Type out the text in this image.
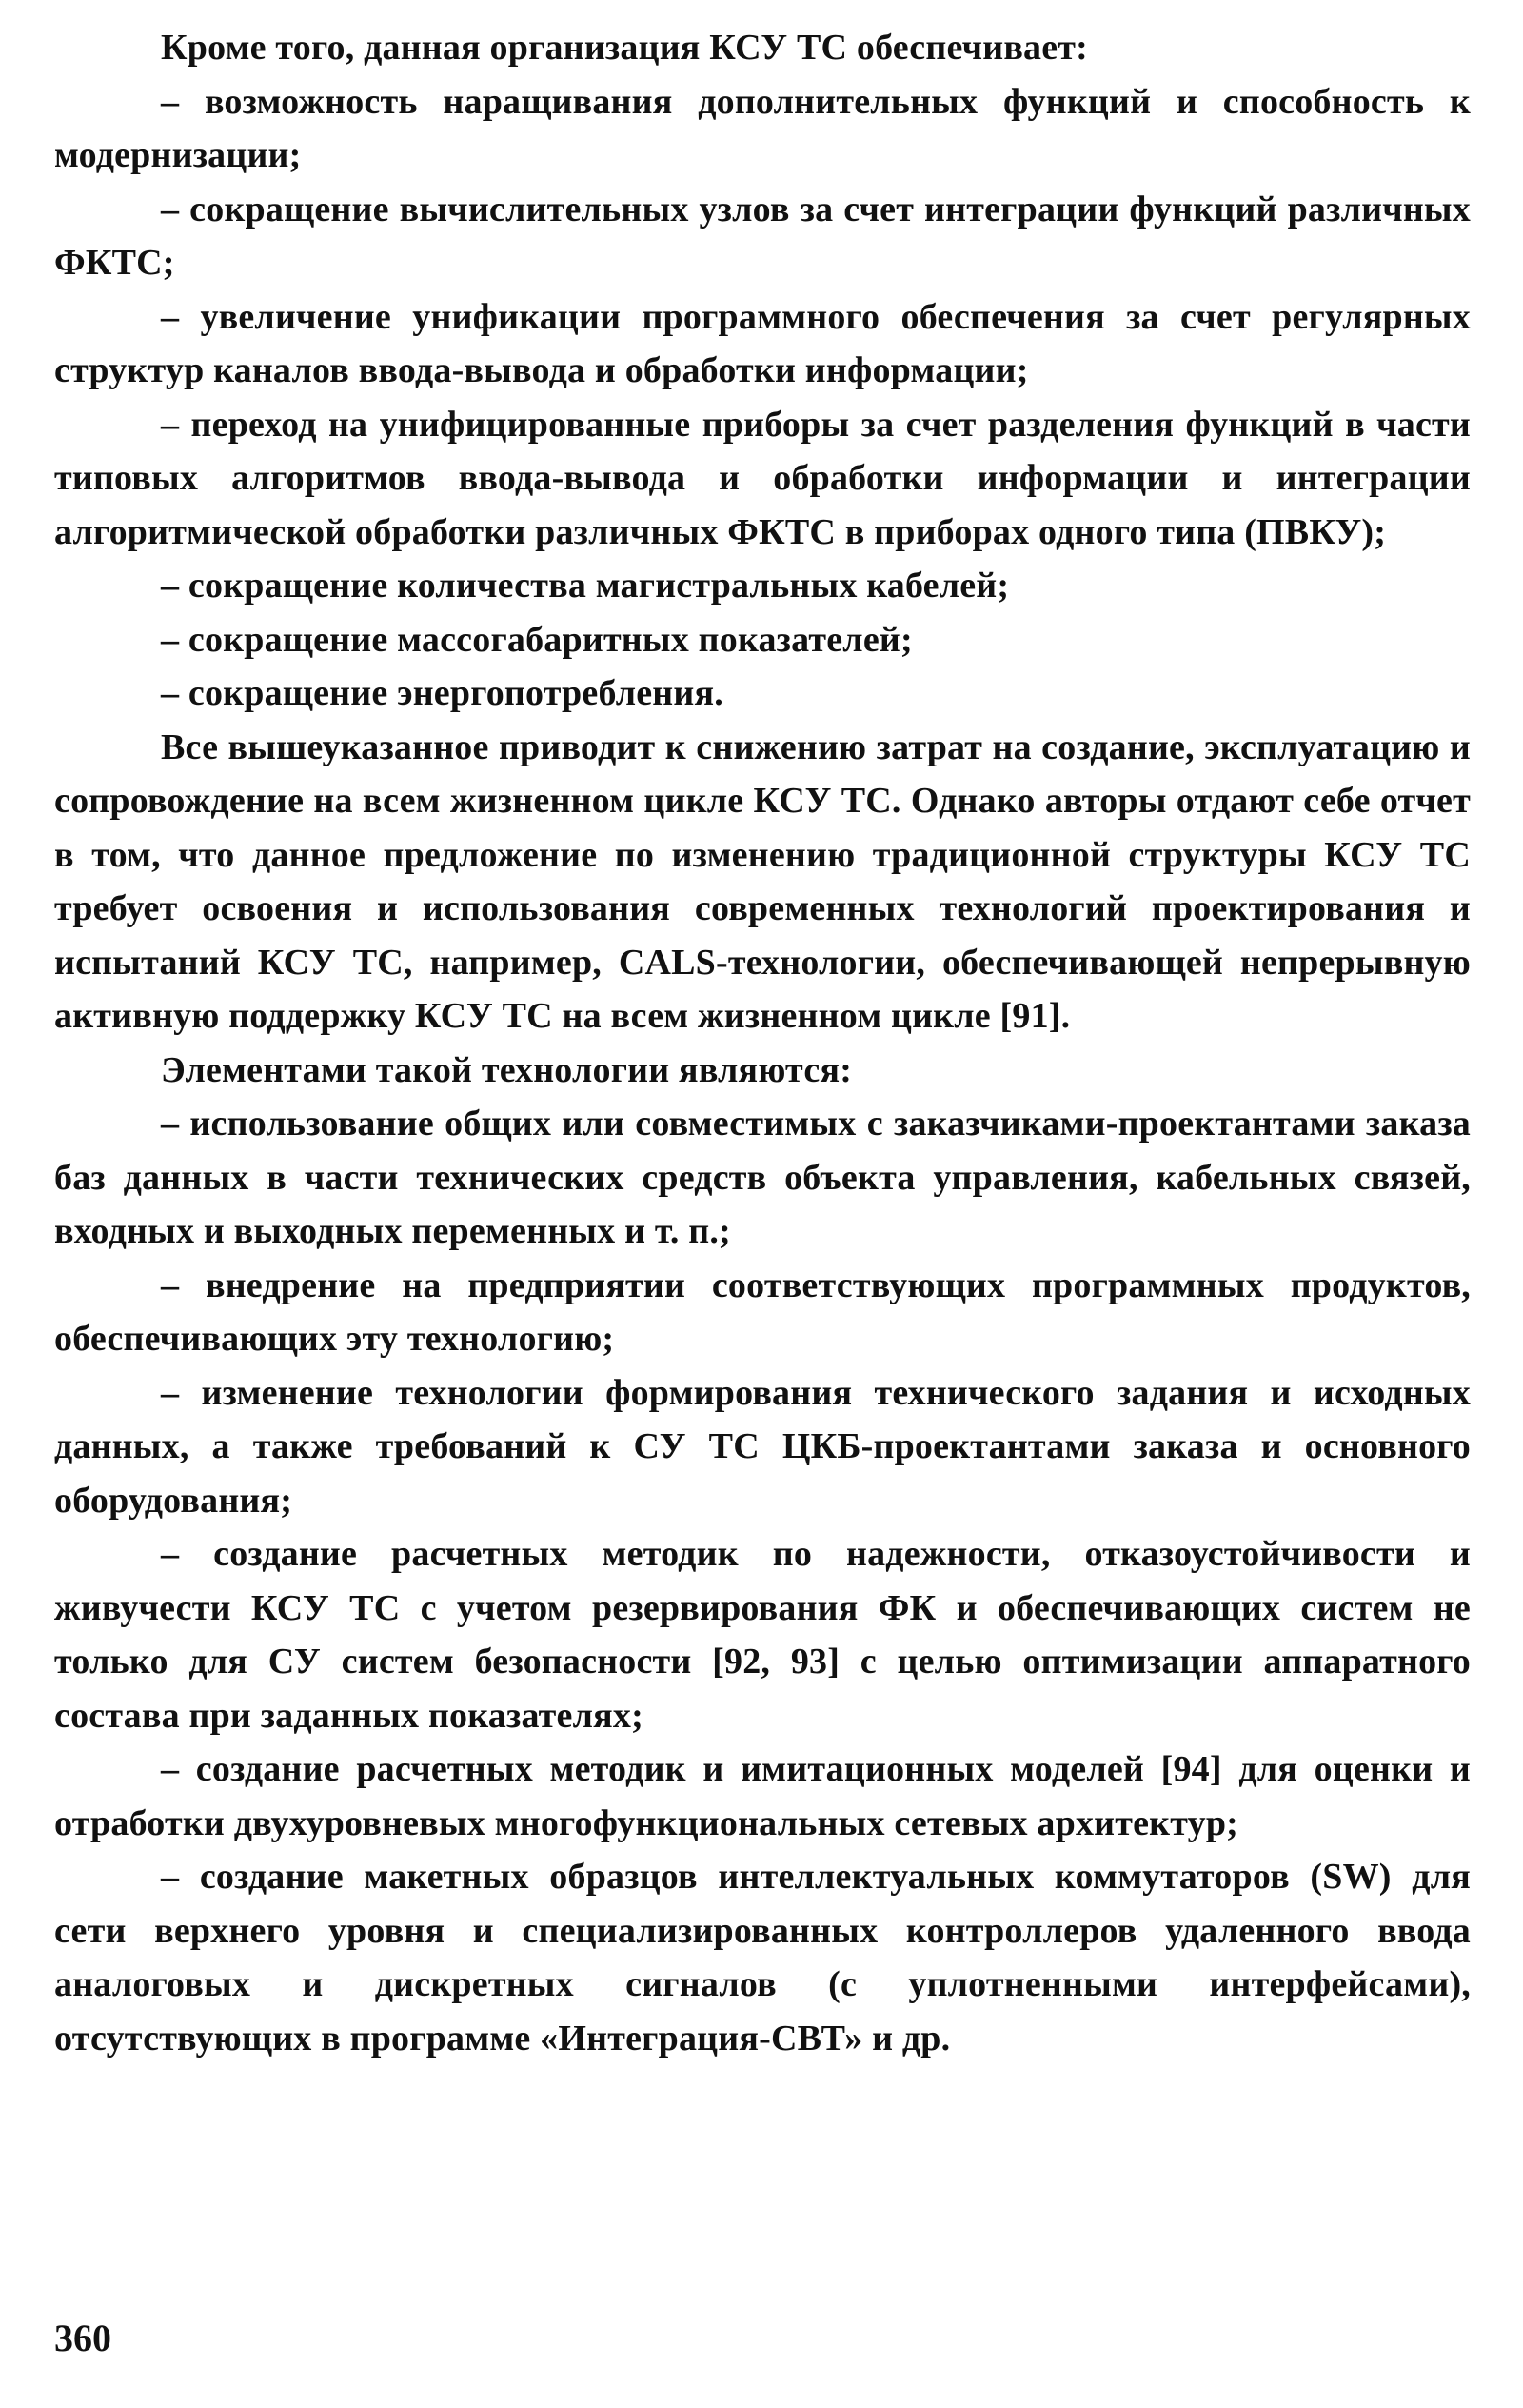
Кроме того, данная организация КСУ ТС обеспечивает:

– возможность наращивания дополнительных функций и способность к модернизации;

– сокращение вычислительных узлов за счет интеграции функций различных ФКТС;

– увеличение унификации программного обеспечения за счет регулярных структур каналов ввода-вывода и обработки информации;

– переход на унифицированные приборы за счет разделения функций в части типовых алгоритмов ввода-вывода и обработки информации и интеграции алгоритмической обработки различных ФКТС в приборах одного типа (ПВКУ);

– сокращение количества магистральных кабелей;

– сокращение массогабаритных показателей;

– сокращение энергопотребления.

Все вышеуказанное приводит к снижению затрат на создание, эксплуатацию и сопровождение на всем жизненном цикле КСУ ТС. Однако авторы отдают себе отчет в том, что данное предложение по изменению традиционной структуры КСУ ТС требует освоения и использования современных технологий проектирования и испытаний КСУ ТС, например, CALS-технологии, обеспечивающей непрерывную активную поддержку КСУ ТС на всем жизненном цикле [91].

Элементами такой технологии являются:

– использование общих или совместимых с заказчиками-проектантами заказа баз данных в части технических средств объекта управления, кабельных связей, входных и выходных переменных и т. п.;

– внедрение на предприятии соответствующих программных продуктов, обеспечивающих эту технологию;

– изменение технологии формирования технического задания и исходных данных, а также требований к СУ ТС ЦКБ-проектантами заказа и основного оборудования;

– создание расчетных методик по надежности, отказоустойчивости и живучести КСУ ТС с учетом резервирования ФК и обеспечивающих систем не только для СУ систем безопасности [92, 93] с целью оптимизации аппаратного состава при заданных показателях;

– создание расчетных методик и имитационных моделей [94] для оценки и отработки двухуровневых многофункциональных сетевых архитектур;

– создание макетных образцов интеллектуальных коммутаторов (SW) для сети верхнего уровня и специализированных контроллеров удаленного ввода аналоговых и дискретных сигналов (с уплотненными интерфейсами), отсутствующих в программе «Интеграция-СВТ» и др.

360
